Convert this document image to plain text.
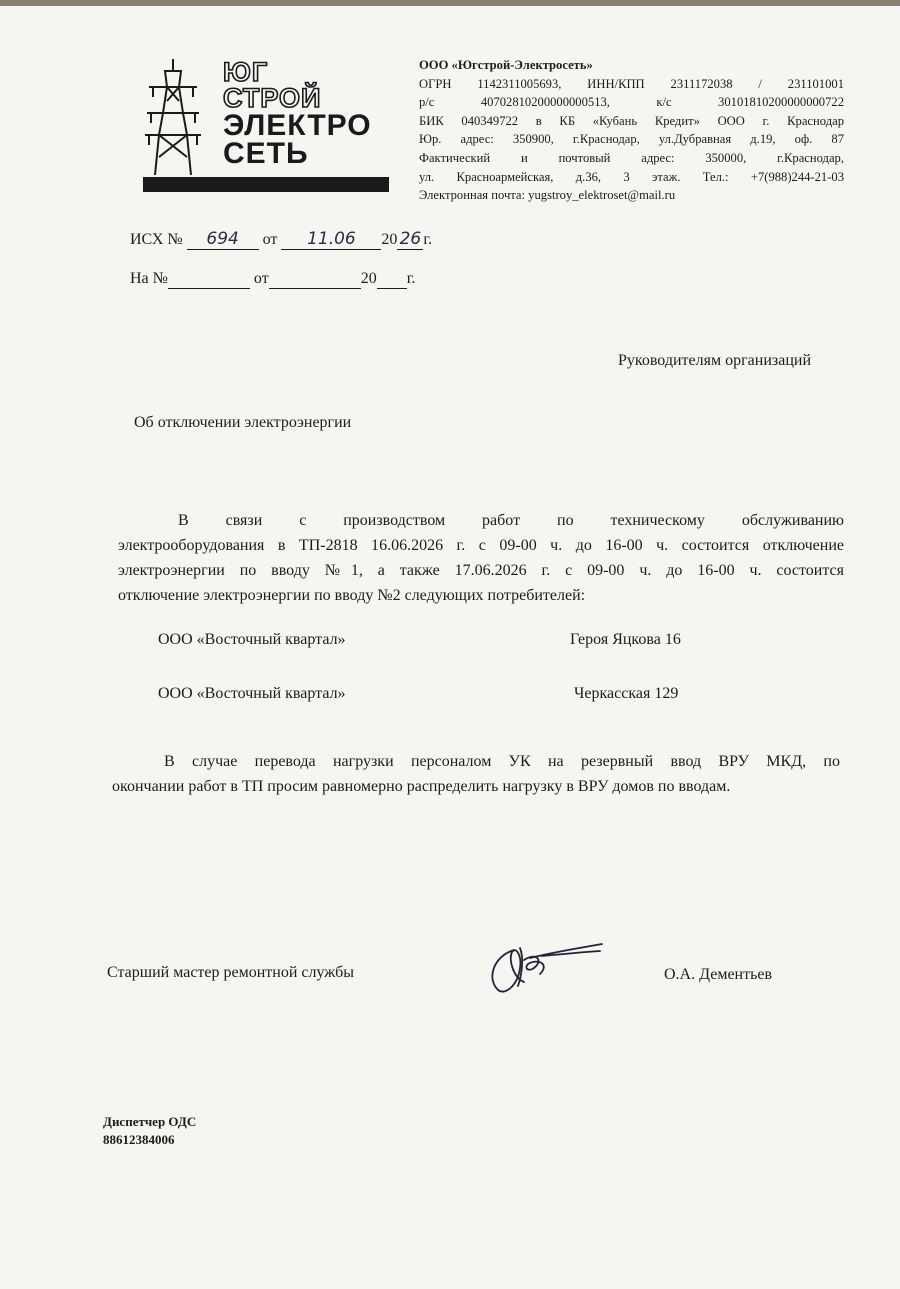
ЮГ
СТРОЙ
ЭЛЕКТРО
СЕТЬ
ООО «Югстрой-Электросеть»
ОГРН 1142311005693, ИНН/КПП 2311172038 / 231101001
р/с 40702810200000000513, к/с 30101810200000000722
БИК 040349722 в КБ «Кубань Кредит» ООО г. Краснодар
Юр. адрес: 350900, г.Краснодар, ул.Дубравная д.19, оф. 87
Фактический и почтовый адрес: 350000, г.Краснодар,
ул. Красноармейская, д.36, 3 этаж. Тел.: +7(988)244-21-03
Электронная почта: yugstroy_elektroset@mail.ru
ИСХ № 694 от 11.06 20 26 г.
На №	от	20 г.
Руководителям организаций
Об отключении электроэнергии
В связи с производством работ по техническому обслуживанию
электрооборудования в ТП-2818 16.06.2026 г. с 09-00 ч. до 16-00 ч. состоится отключение
электроэнергии по вводу №1, а также 17.06.2026 г. с 09-00 ч. до 16-00 ч. состоится
отключение электроэнергии по вводу №2 следующих потребителей:
ООО «Восточный квартал»	Героя Яцкова 16
ООО «Восточный квартал»	Черкасская 129
В случае перевода нагрузки персоналом УК на резервный ввод ВРУ МКД, по
окончании работ в ТП просим равномерно распределить нагрузку в ВРУ домов по вводам.
Старший мастер ремонтной службы	О.А. Дементьев
Диспетчер ОДС
88612384006
